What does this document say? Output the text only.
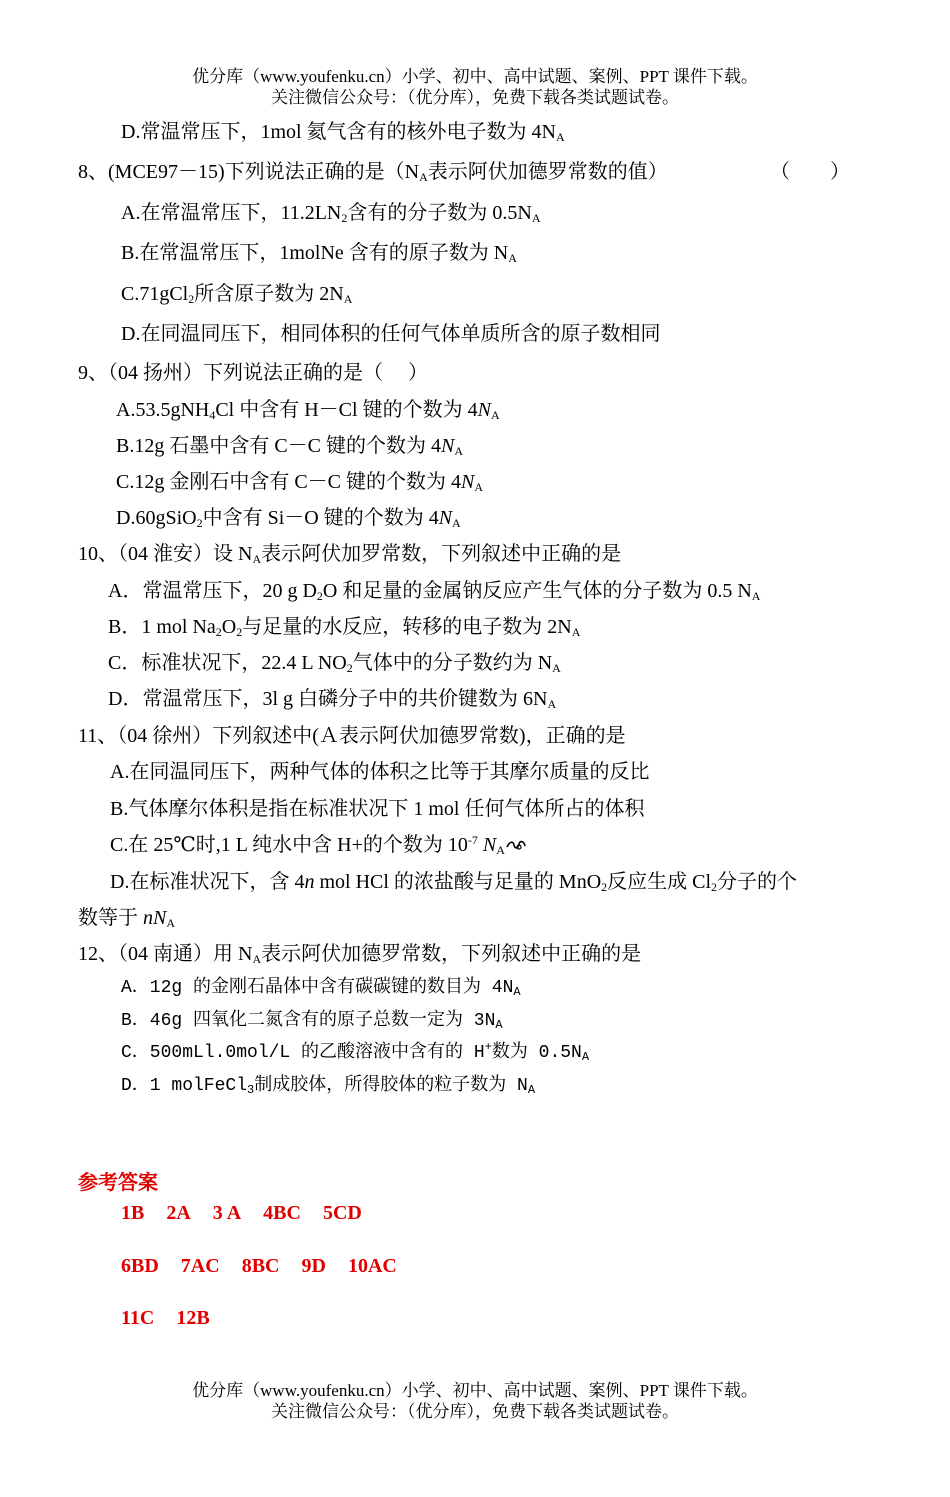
优分库（www.youfenku.cn）小学、初中、高中试题、案例、PPT 课件下载。
关注微信公众号：（优分库），免费下载各类试题试卷。
D.常温常压下，1mol 氦气含有的核外电子数为 $4N_A$
8、(MCE97－15)下列说法正确的是（$N_A$表示阿伏加德罗常数的值）	（　　）
A.在常温常压下，$11.2LN_2$含有的分子数为 $0.5N_A$
B.在常温常压下，1molNe 含有的原子数为 $N_A$
C.71gCl$_2$所含原子数为 $2N_A$
D.在同温同压下，相同体积的任何气体单质所含的原子数相同
9、（04 扬州）下列说法正确的是（　 ）
A.53.5gNH$_4$Cl 中含有 H－Cl 键的个数为 $4N_A$
B.12g 石墨中含有 C－C 键的个数为 $4N_A$
C.12g 金刚石中含有 C－C 键的个数为 $4N_A$
D.60gSiO$_2$中含有 Si－O 键的个数为 $4N_A$
10、（04 淮安）设 $N_A$表示阿伏加罗常数，下列叙述中正确的是
A．常温常压下，20 g $D_2O$ 和足量的金属钠反应产生气体的分子数为 0.5 $N_A$
B．1 mol $Na_2O_2$与足量的水反应，转移的电子数为 $2N_A$
C．标准状况下，22.4 L $NO_2$气体中的分子数约为 $N_A$
D．常温常压下，3l g 白磷分子中的共价键数为 $6N_A$
11、（04 徐州）下列叙述中(Ａ表示阿伏加德罗常数)，正确的是
A.在同温同压下，两种气体的体积之比等于其摩尔质量的反比
B.气体摩尔体积是指在标准状况下 1 mol 任何气体所占的体积
C.在 25℃时,1 L 纯水中含 H+的个数为 $10^{-7}$ $N_A$
D.在标准状况下，含 4n mol HCl 的浓盐酸与足量的 MnO$_2$反应生成 $Cl_2$分子的个
数等于 $nN_A$
12、（04 南通）用 $N_A$表示阿伏加德罗常数，下列叙述中正确的是
A．12g 的金刚石晶体中含有碳碳键的数目为 $4N_A$
B．46g 四氧化二氮含有的原子总数一定为 $3N_A$
C．500mLl.0mol/L 的乙酸溶液中含有的 H+数为 $0.5N_A$
D．1 molFeCl$_3$制成胶体，所得胶体的粒子数为 $N_A$
参考答案
1B 2A 3 A 4BC 5CD
6BD 7AC 8BC 9D 10AC
11C 12B
优分库（www.youfenku.cn）小学、初中、高中试题、案例、PPT 课件下载。
关注微信公众号：（优分库），免费下载各类试题试卷。
